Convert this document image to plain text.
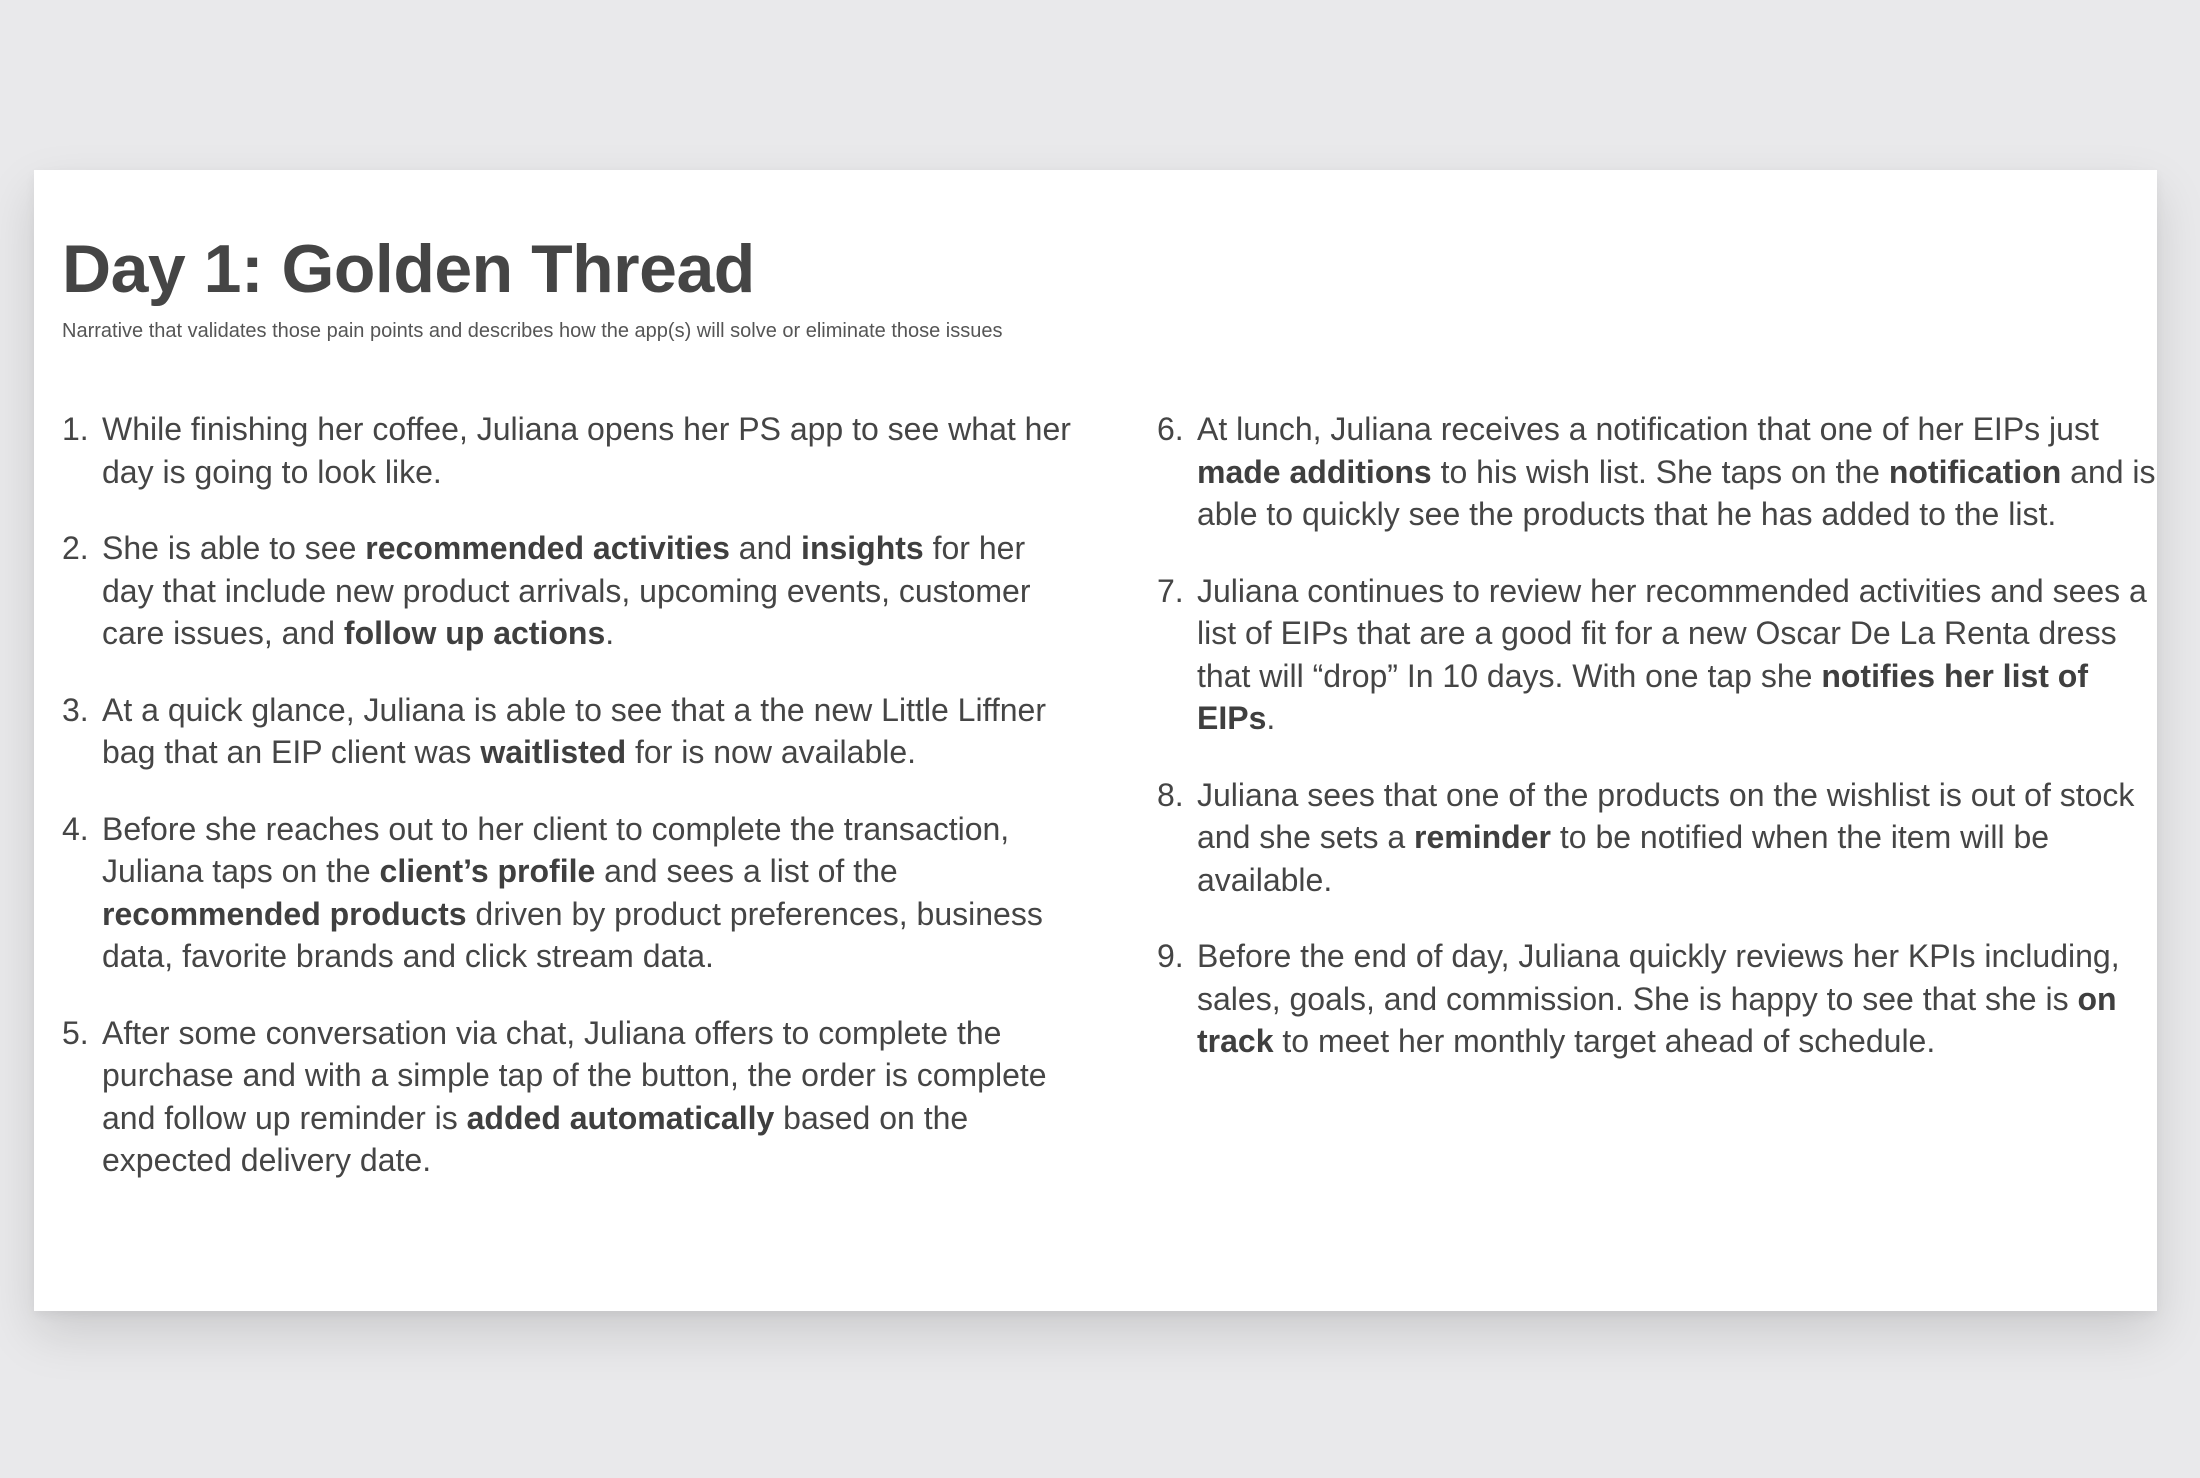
Day 1: Golden Thread

Narrative that validates those pain points and describes how the app(s) will solve or eliminate those issues

1. While finishing her coffee, Juliana opens her PS app to see what her day is going to look like.
2. She is able to see recommended activities and insights for her day that include new product arrivals, upcoming events, customer care issues, and follow up actions.
3. At a quick glance, Juliana is able to see that a the new Little Liffner bag that an EIP client was waitlisted for is now available.
4. Before she reaches out to her client to complete the transaction, Juliana taps on the client’s profile and sees a list of the recommended products driven by product preferences, business data, favorite brands and click stream data.
5. After some conversation via chat, Juliana offers to complete the purchase and with a simple tap of the button, the order is complete and follow up reminder is added automatically based on the expected delivery date.
6. At lunch, Juliana receives a notification that one of her EIPs just made additions to his wish list. She taps on the notification and is able to quickly see the products that he has added to the list.
7. Juliana continues to review her recommended activities and sees a list of EIPs that are a good fit for a new Oscar De La Renta dress that will “drop” In 10 days. With one tap she notifies her list of EIPs.
8. Juliana sees that one of the products on the wishlist is out of stock and she sets a reminder to be notified when the item will be available.
9. Before the end of day, Juliana quickly reviews her KPIs including, sales, goals, and commission. She is happy to see that she is on track to meet her monthly target ahead of schedule.
